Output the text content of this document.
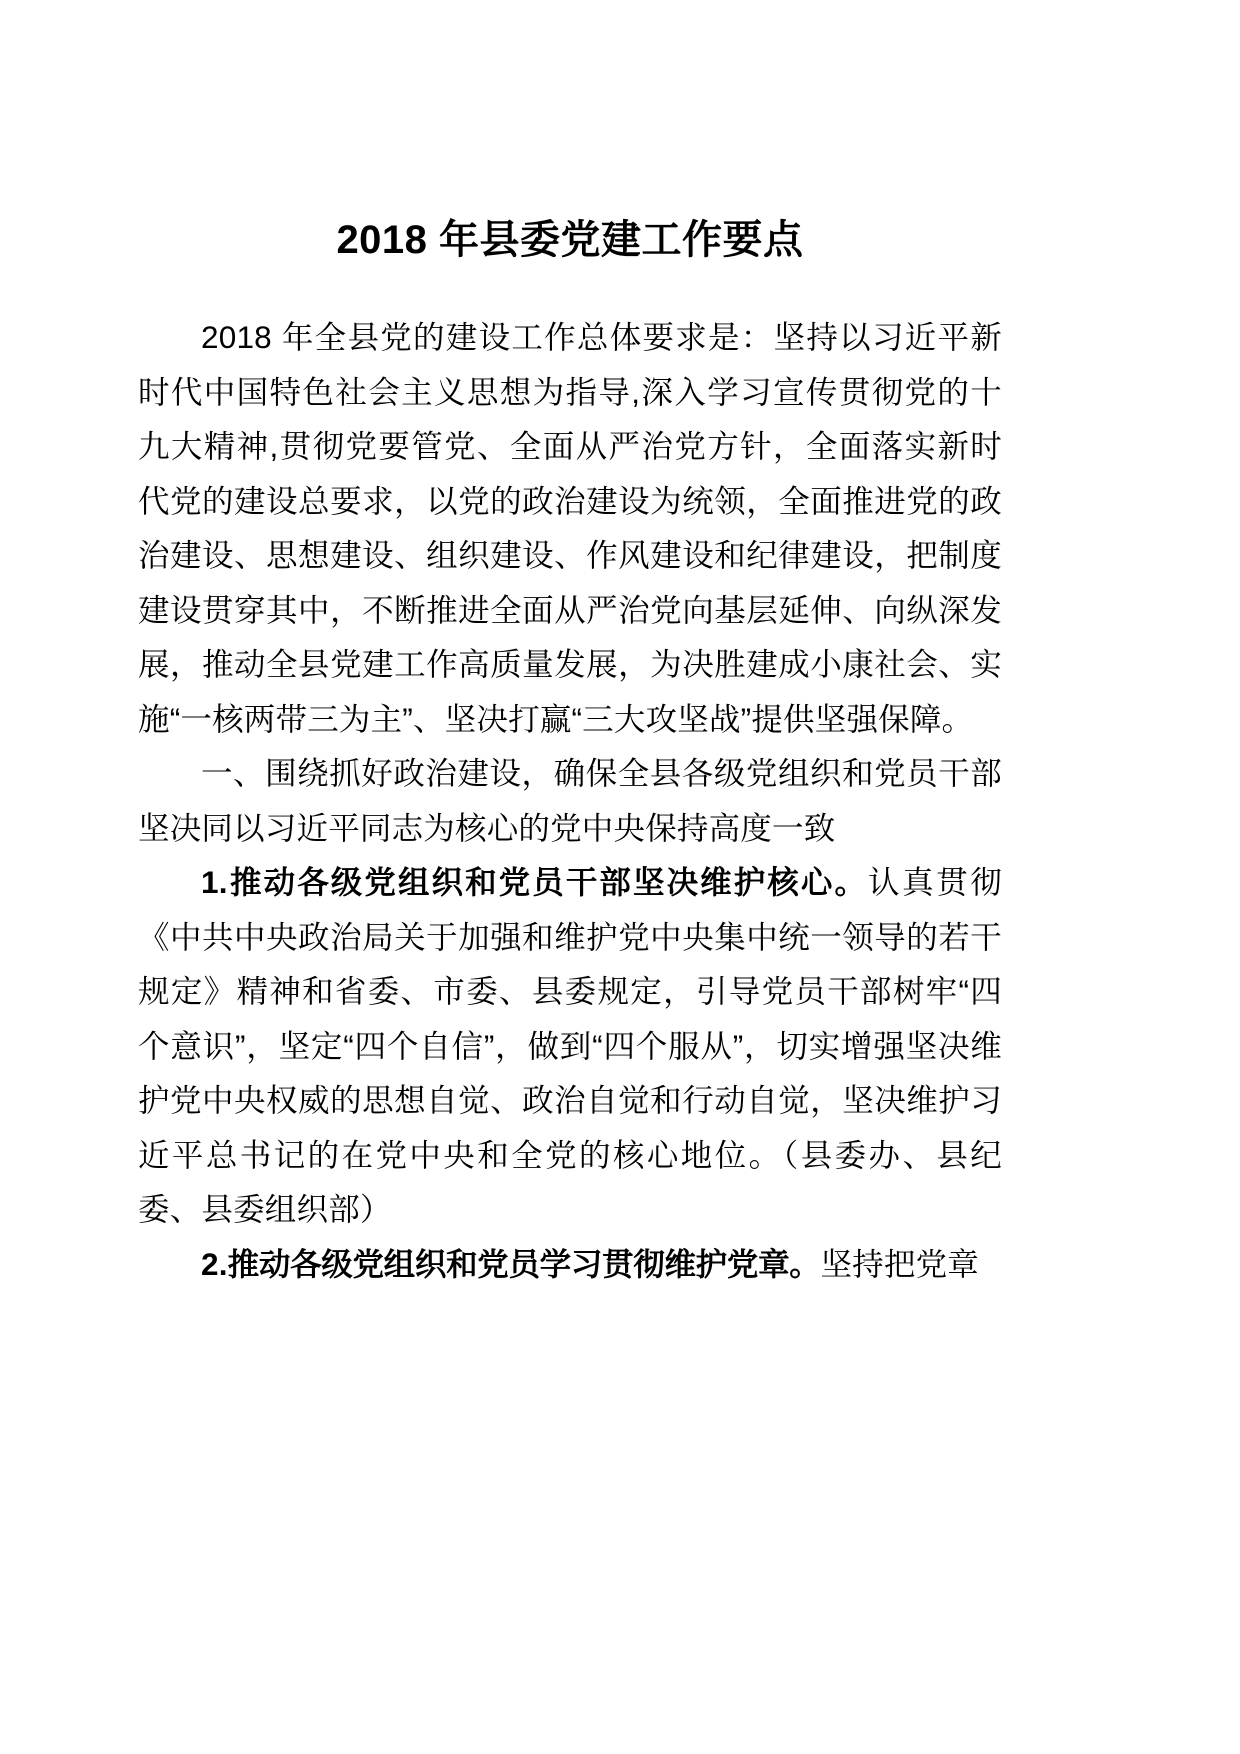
2018 年县委党建工作要点

2018 年全县党的建设工作总体要求是：坚持以习近平新时代中国特色社会主义思想为指导,深入学习宣传贯彻党的十九大精神,贯彻党要管党、全面从严治党方针，全面落实新时代党的建设总要求，以党的政治建设为统领，全面推进党的政治建设、思想建设、组织建设、作风建设和纪律建设，把制度建设贯穿其中，不断推进全面从严治党向基层延伸、向纵深发展，推动全县党建工作高质量发展，为决胜建成小康社会、实施“一核两带三为主”、坚决打赢“三大攻坚战”提供坚强保障。

一、围绕抓好政治建设，确保全县各级党组织和党员干部坚决同以习近平同志为核心的党中央保持高度一致

1.推动各级党组织和党员干部坚决维护核心。认真贯彻《中共中央政治局关于加强和维护党中央集中统一领导的若干规定》精神和省委、市委、县委规定，引导党员干部树牢“四个意识”，坚定“四个自信”，做到“四个服从”，切实增强坚决维护党中央权威的思想自觉、政治自觉和行动自觉，坚决维护习近平总书记的在党中央和全党的核心地位。（县委办、县纪委、县委组织部）

2.推动各级党组织和党员学习贯彻维护党章。坚持把党章
